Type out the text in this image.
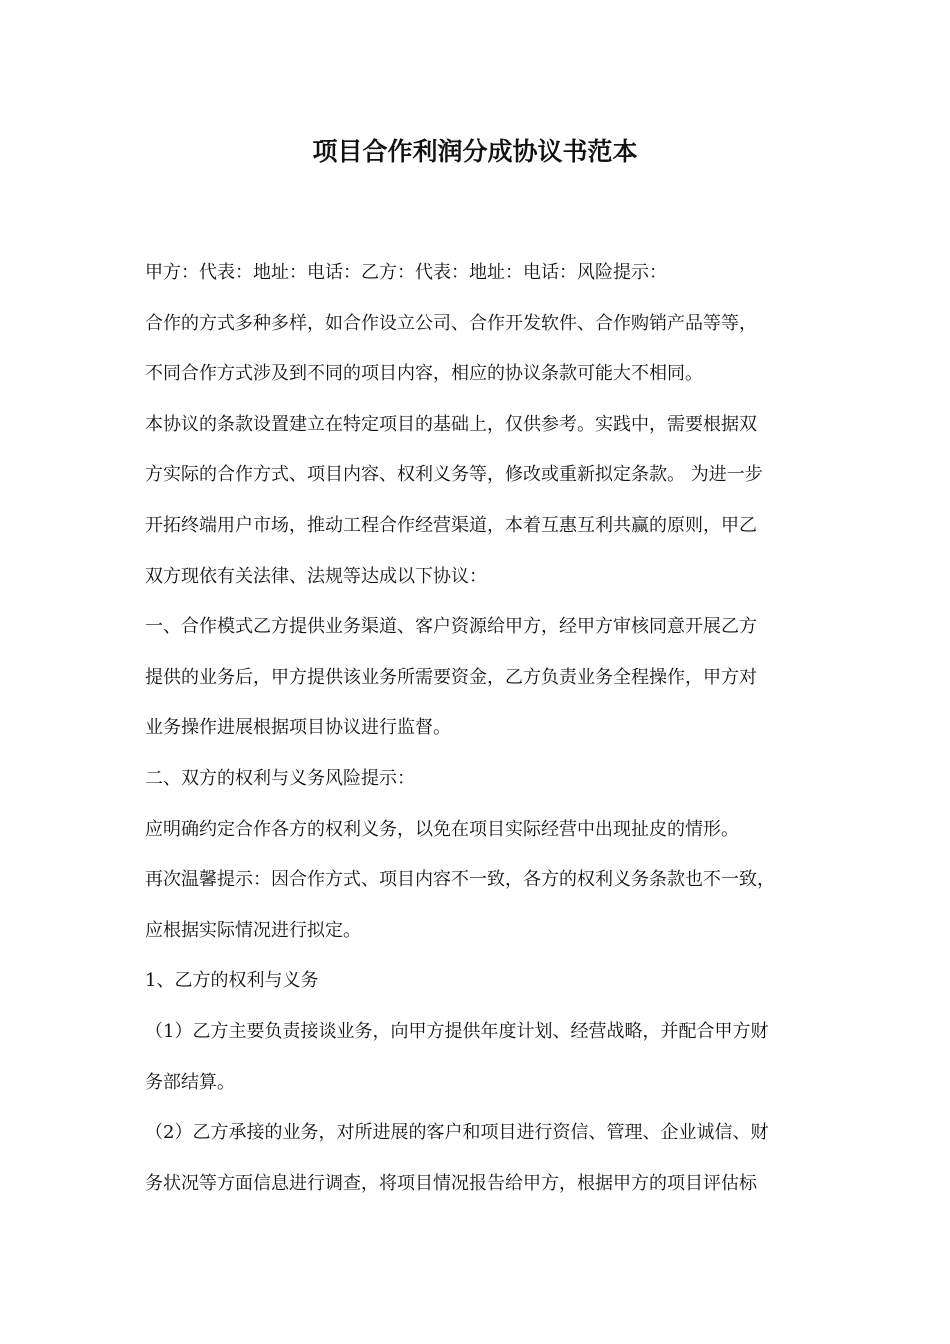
项目合作利润分成协议书范本
甲方：代表：地址：电话：乙方：代表：地址：电话：风险提示：
合作的方式多种多样，如合作设立公司、合作开发软件、合作购销产品等等，
不同合作方式涉及到不同的项目内容，相应的协议条款可能大不相同。
本协议的条款设置建立在特定项目的基础上，仅供参考。实践中，需要根据双
方实际的合作方式、项目内容、权利义务等，修改或重新拟定条款。 为进一步
开拓终端用户市场，推动工程合作经营渠道，本着互惠互利共赢的原则，甲乙
双方现依有关法律、法规等达成以下协议：
一、合作模式乙方提供业务渠道、客户资源给甲方，经甲方审核同意开展乙方
提供的业务后，甲方提供该业务所需要资金，乙方负责业务全程操作，甲方对
业务操作进展根据项目协议进行监督。
二、双方的权利与义务风险提示：
应明确约定合作各方的权利义务，以免在项目实际经营中出现扯皮的情形。
再次温馨提示：因合作方式、项目内容不一致，各方的权利义务条款也不一致，
应根据实际情况进行拟定。
1、乙方的权利与义务
（1）乙方主要负责接谈业务，向甲方提供年度计划、经营战略，并配合甲方财
务部结算。
（2）乙方承接的业务，对所进展的客户和项目进行资信、管理、企业诚信、财
务状况等方面信息进行调查，将项目情况报告给甲方，根据甲方的项目评估标
